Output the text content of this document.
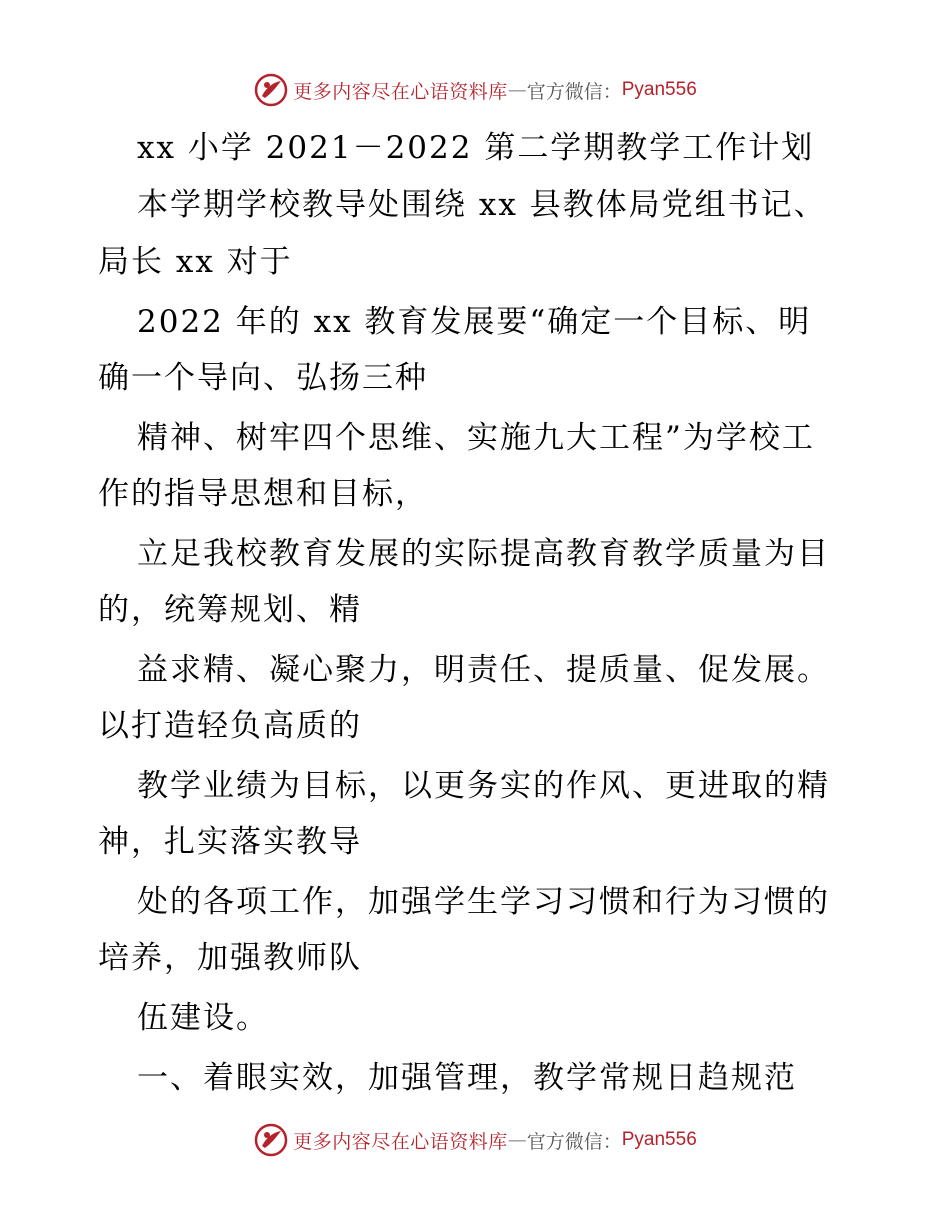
更多内容尽在心语资料库 — 官方微信： Pyan556
xx 小学 2021－2022 第二学期教学工作计划
本学期学校教导处围绕 xx 县教体局党组书记、
局长 xx 对于
2022 年的 xx 教育发展要“确定一个目标、明
确一个导向、弘扬三种
精神、树牢四个思维、实施九大工程”为学校工
作的指导思想和目标，
立足我校教育发展的实际提高教育教学质量为目
的，统筹规划、精
益求精、凝心聚力，明责任、提质量、促发展。
以打造轻负高质的
教学业绩为目标，以更务实的作风、更进取的精
神，扎实落实教导
处的各项工作，加强学生学习习惯和行为习惯的
培养，加强教师队
伍建设。
一、着眼实效，加强管理，教学常规日趋规范
更多内容尽在心语资料库 — 官方微信： Pyan556
